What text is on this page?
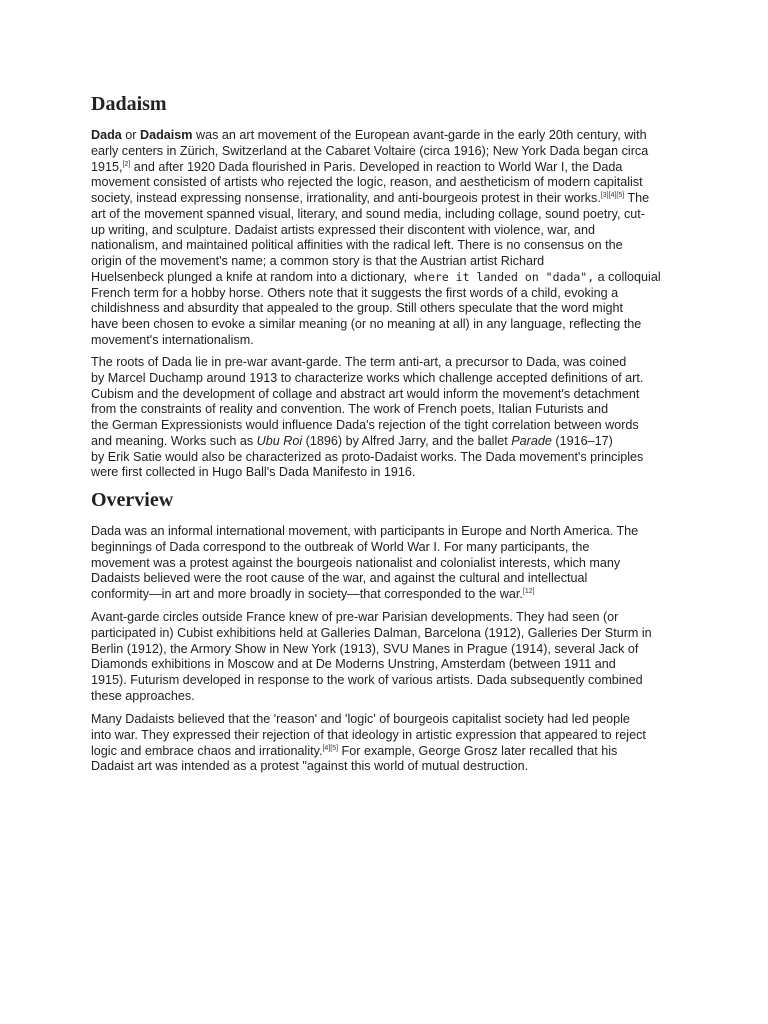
Dadaism
Dada or Dadaism was an art movement of the European avant-garde in the early 20th century, with
early centers in Zürich, Switzerland at the Cabaret Voltaire (circa 1916); New York Dada began circa
1915,[2] and after 1920 Dada flourished in Paris. Developed in reaction to World War I, the Dada
movement consisted of artists who rejected the logic, reason, and aestheticism of modern capitalist
society, instead expressing nonsense, irrationality, and anti-bourgeois protest in their works.[3][4][5] The
art of the movement spanned visual, literary, and sound media, including collage, sound poetry, cut-
up writing, and sculpture. Dadaist artists expressed their discontent with violence, war, and
nationalism, and maintained political affinities with the radical left. There is no consensus on the
origin of the movement's name; a common story is that the Austrian artist Richard
Huelsenbeck plunged a knife at random into a dictionary, where it landed on "dada", a colloquial
French term for a hobby horse. Others note that it suggests the first words of a child, evoking a
childishness and absurdity that appealed to the group. Still others speculate that the word might
have been chosen to evoke a similar meaning (or no meaning at all) in any language, reflecting the
movement's internationalism.
The roots of Dada lie in pre-war avant-garde. The term anti-art, a precursor to Dada, was coined
by Marcel Duchamp around 1913 to characterize works which challenge accepted definitions of art.
Cubism and the development of collage and abstract art would inform the movement's detachment
from the constraints of reality and convention. The work of French poets, Italian Futurists and
the German Expressionists would influence Dada's rejection of the tight correlation between words
and meaning. Works such as Ubu Roi (1896) by Alfred Jarry, and the ballet Parade (1916–17)
by Erik Satie would also be characterized as proto-Dadaist works. The Dada movement's principles
were first collected in Hugo Ball's Dada Manifesto in 1916.
Overview
Dada was an informal international movement, with participants in Europe and North America. The
beginnings of Dada correspond to the outbreak of World War I. For many participants, the
movement was a protest against the bourgeois nationalist and colonialist interests, which many
Dadaists believed were the root cause of the war, and against the cultural and intellectual
conformity—in art and more broadly in society—that corresponded to the war.[12]
Avant-garde circles outside France knew of pre-war Parisian developments. They had seen (or
participated in) Cubist exhibitions held at Galleries Dalman, Barcelona (1912), Galleries Der Sturm in
Berlin (1912), the Armory Show in New York (1913), SVU Manes in Prague (1914), several Jack of
Diamonds exhibitions in Moscow and at De Moderns Unstring, Amsterdam (between 1911 and
1915). Futurism developed in response to the work of various artists. Dada subsequently combined
these approaches.
Many Dadaists believed that the 'reason' and 'logic' of bourgeois capitalist society had led people
into war. They expressed their rejection of that ideology in artistic expression that appeared to reject
logic and embrace chaos and irrationality.[4][5] For example, George Grosz later recalled that his
Dadaist art was intended as a protest "against this world of mutual destruction.
